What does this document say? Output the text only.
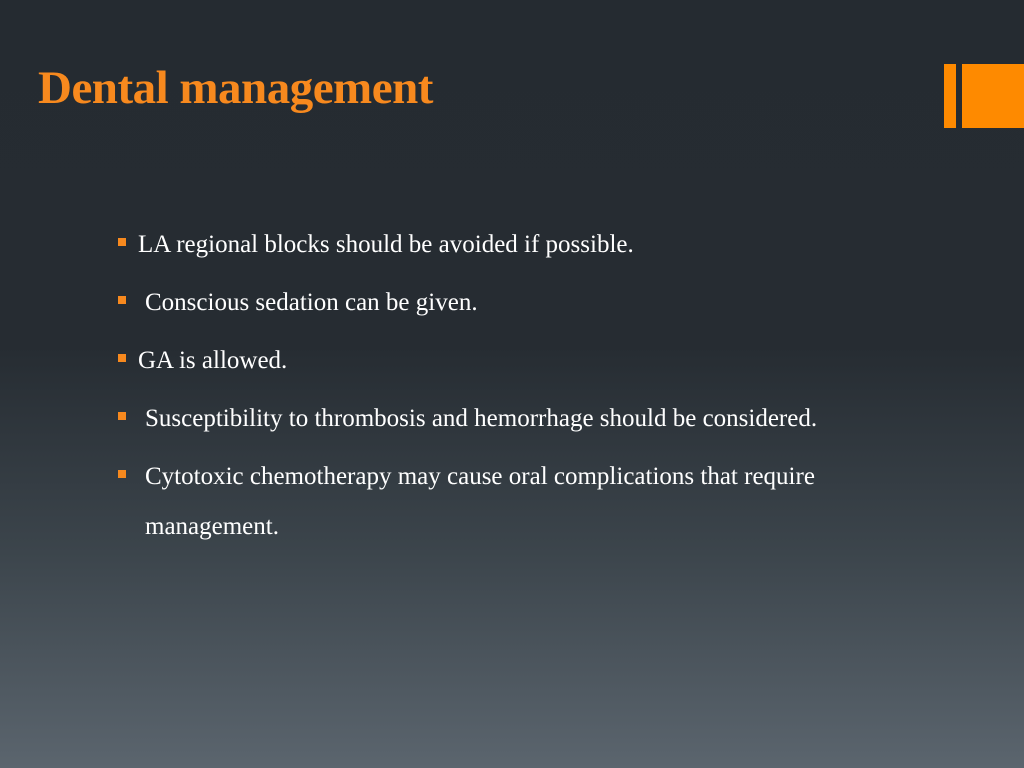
Dental management
LA regional blocks should be avoided if possible.
Conscious sedation can be given.
GA is allowed.
Susceptibility to thrombosis and hemorrhage should be considered.
Cytotoxic chemotherapy may cause oral complications that require management.
